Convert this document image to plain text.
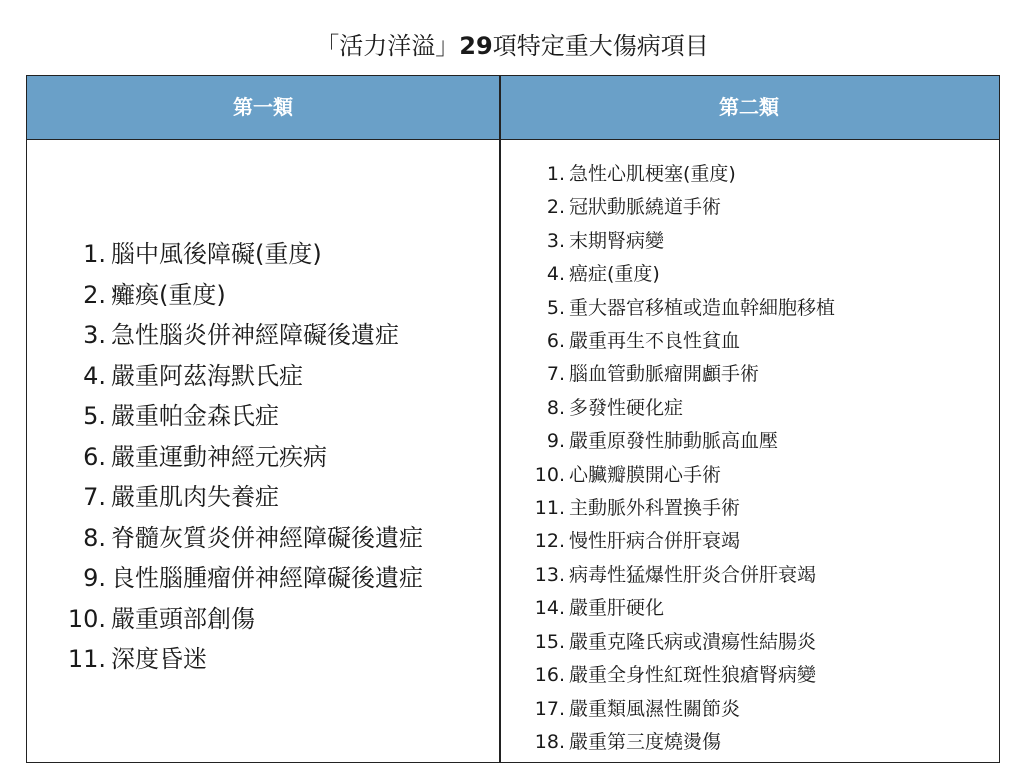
「活力洋溢」29項特定重大傷病項目
第一類	第二類
1. 腦中風後障礙(重度)
2. 癱瘓(重度)
3. 急性腦炎併神經障礙後遺症
4. 嚴重阿茲海默氏症
5. 嚴重帕金森氏症
6. 嚴重運動神經元疾病
7. 嚴重肌肉失養症
8. 脊髓灰質炎併神經障礙後遺症
9. 良性腦腫瘤併神經障礙後遺症
10. 嚴重頭部創傷
11. 深度昏迷
1. 急性心肌梗塞(重度)
2. 冠狀動脈繞道手術
3. 末期腎病變
4. 癌症(重度)
5. 重大器官移植或造血幹細胞移植
6. 嚴重再生不良性貧血
7. 腦血管動脈瘤開顱手術
8. 多發性硬化症
9. 嚴重原發性肺動脈高血壓
10. 心臟瓣膜開心手術
11. 主動脈外科置換手術
12. 慢性肝病合併肝衰竭
13. 病毒性猛爆性肝炎合併肝衰竭
14. 嚴重肝硬化
15. 嚴重克隆氏病或潰瘍性結腸炎
16. 嚴重全身性紅斑性狼瘡腎病變
17. 嚴重類風濕性關節炎
18. 嚴重第三度燒燙傷
